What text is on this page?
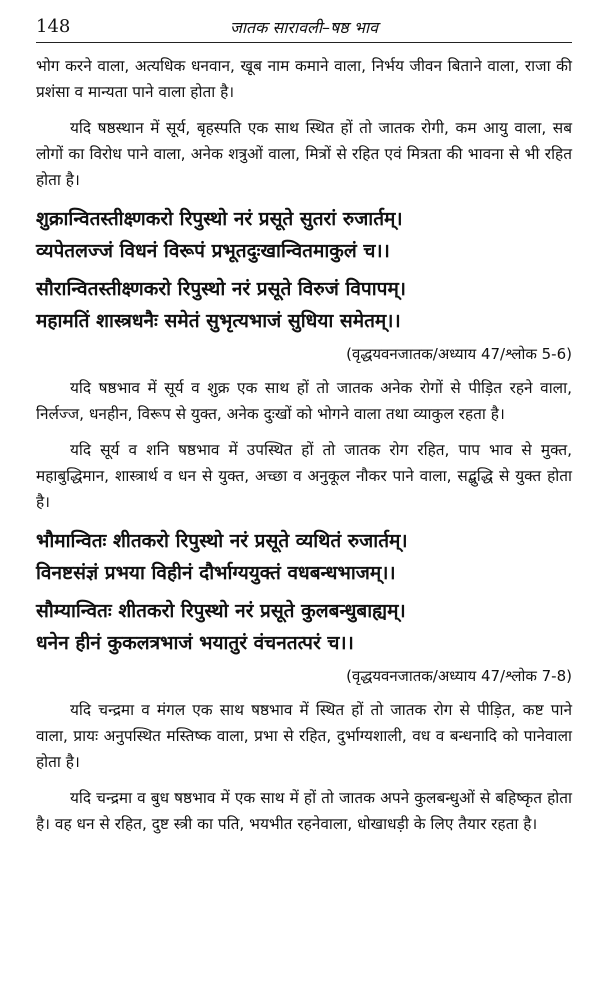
148	जातक सारावली–षष्ठ भाव

भोग करने वाला, अत्यधिक धनवान, खूब नाम कमाने वाला, निर्भय जीवन बिताने वाला, राजा की प्रशंसा व मान्यता पाने वाला होता है।

यदि षष्ठस्थान में सूर्य, बृहस्पति एक साथ स्थित हों तो जातक रोगी, कम आयु वाला, सब लोगों का विरोध पाने वाला, अनेक शत्रुओं वाला, मित्रों से रहित एवं मित्रता की भावना से भी रहित होता है।

शुक्रान्वितस्तीक्ष्णकरो रिपुस्थो नरं प्रसूते सुतरां रुजार्तम्।
व्यपेतलज्जं विधनं विरूपं प्रभूतदुःखान्वितमाकुलं च।।
सौरान्वितस्तीक्ष्णकरो रिपुस्थो नरं प्रसूते विरुजं विपापम्।
महामतिं शास्त्रधनैः समेतं सुभृत्यभाजं सुधिया समेतम्।।
(वृद्धयवनजातक/अध्याय 47/श्लोक 5-6)

यदि षष्ठभाव में सूर्य व शुक्र एक साथ हों तो जातक अनेक रोगों से पीड़ित रहने वाला, निर्लज्ज, धनहीन, विरूप से युक्त, अनेक दुःखों को भोगने वाला तथा व्याकुल रहता है।

यदि सूर्य व शनि षष्ठभाव में उपस्थित हों तो जातक रोग रहित, पाप भाव से मुक्त, महाबुद्धिमान, शास्त्रार्थ व धन से युक्त, अच्छा व अनुकूल नौकर पाने वाला, सद्बुद्धि से युक्त होता है।

भौमान्वितः शीतकरो रिपुस्थो नरं प्रसूते व्यथितं रुजार्तम्।
विनष्टसंज्ञं प्रभया विहीनं दौर्भाग्ययुक्तं वधबन्धभाजम्।।
सौम्यान्वितः शीतकरो रिपुस्थो नरं प्रसूते कुलबन्धुबाह्यम्।
धनेन हीनं कुकलत्रभाजं भयातुरं वंचनतत्परं च।।
(वृद्धयवनजातक/अध्याय 47/श्लोक 7-8)

यदि चन्द्रमा व मंगल एक साथ षष्ठभाव में स्थित हों तो जातक रोग से पीड़ित, कष्ट पाने वाला, प्रायः अनुपस्थित मस्तिष्क वाला, प्रभा से रहित, दुर्भाग्यशाली, वध व बन्धनादि को पानेवाला होता है।

यदि चन्द्रमा व बुध षष्ठभाव में एक साथ में हों तो जातक अपने कुलबन्धुओं से बहिष्कृत होता है। वह धन से रहित, दुष्ट स्त्री का पति, भयभीत रहनेवाला, धोखाधड़ी के लिए तैयार रहता है।
